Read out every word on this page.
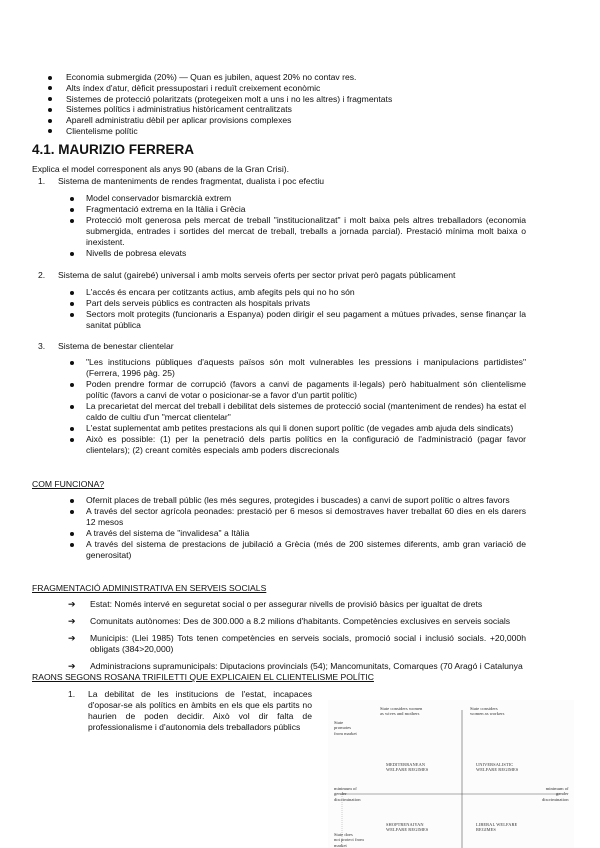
Economia submergida (20%) — Quan es jubilen, aquest 20% no contav res.
Alts índex d'atur, dèficit pressupostari i reduït creixement econòmic
Sistemes de protecció polaritzats (protegeixen molt a uns i no les altres) i fragmentats
Sistemes polítics i administratius històricament centralitzats
Aparell administratiu dèbil per aplicar provisions complexes
Clientelisme polític
4.1. MAURIZIO FERRERA
Explica el model corresponent als anys 90 (abans de la Gran Crisi).
1. Sistema de manteniments de rendes fragmentat, dualista i poc efectiu
Model conservador bismarckià extrem
Fragmentació extrema en la Itàlia i Grècia
Protecció molt generosa pels mercat de treball "institucionalitzat" i molt baixa pels altres treballadors (economia submergida, entrades i sortides del mercat de treball, treballs a jornada parcial). Prestació mínima molt baixa o inexistent.
Nivells de pobresa elevats
2. Sistema de salut (gairebé) universal i amb molts serveis oferts per sector privat però pagats públicament
L'accés és encara per cotitzants actius, amb afegits pels qui no ho són
Part dels serveis públics es contracten als hospitals privats
Sectors molt protegits (funcionaris a Espanya) poden dirigir el seu pagament a mútues privades, sense finançar la sanitat pública
3. Sistema de benestar clientelar
"Les institucions públiques d'aquests països són molt vulnerables les pressions i manipulacions partidistes" (Ferrera, 1996 pàg. 25)
Poden prendre formar de corrupció (favors a canvi de pagaments il·legals) però habitualment són clientelisme polític (favors a canvi de votar o posicionar-se a favor d'un partit polític)
La precarietat del mercat del treball i debilitat dels sistemes de protecció social (manteniment de rendes) ha estat el caldo de cultiu d'un "mercat clientelar"
L'estat suplementat amb petites prestacions als qui li donen suport polític (de vegades amb ajuda dels sindicats)
Això es possible: (1) per la penetració dels partis polítics en la configuració de l'administració (pagar favor clientelars); (2) creant comitès especials amb poders discrecionals
COM FUNCIONA?
Ofernit places de treball públic (les més segures, protegides i buscades) a canvi de suport polític o altres favors
A través del sector agrícola peonades: prestació per 6 mesos si demostraves haver treballat 60 dies en els darers 12 mesos
A través del sistema de "invalidesa" a Itàlia
A través del sistema de prestacions de jubilació a Grècia (més de 200 sistemes diferents, amb gran variació de generositat)
FRAGMENTACIÓ ADMINISTRATIVA EN SERVEIS SOCIALS
➔ Estat: Només intervé en seguretat social o per assegurar nivells de provisió bàsics per igualtat de drets
➔ Comunitats autònomes: Des de 300.000 a 8.2 milions d'habitants. Competències exclusives en serveis socials
➔ Municipis: (Llei 1985) Tots tenen competències en serveis socials, promoció social i inclusió socials. +20,000h obligats (384>20,000)
➔ Administracions supramunicipals: Diputacions provincials (54); Mancomunitats, Comarques (70 Aragó i Catalunya
RAONS SEGONS ROSANA TRIFILETTI QUE EXPLICAIEN EL CLIENTELISME POLÍTIC
1. La debilitat de les institucions de l'estat, incapaces d'oposar-se als polítics en àmbits en els que els partits no haurien de poden decidir. Això vol dir falta de professionalisme i d'autonomia dels treballadors públics
State considers women
as wives and mothers
State considers
women as workers
State
promotes
from market
minimum of
gender
discrimination
minimum of
gender
discrimination
State does
not protect from
market
MEDITERRANEAN
WELFARE REGIMES
UNIVERSALISTIC
WELFARE REGIMES
SHOPTRENAIYAN
WELFARE REGIMES
LIBERAL WELFARE
REGIMES
